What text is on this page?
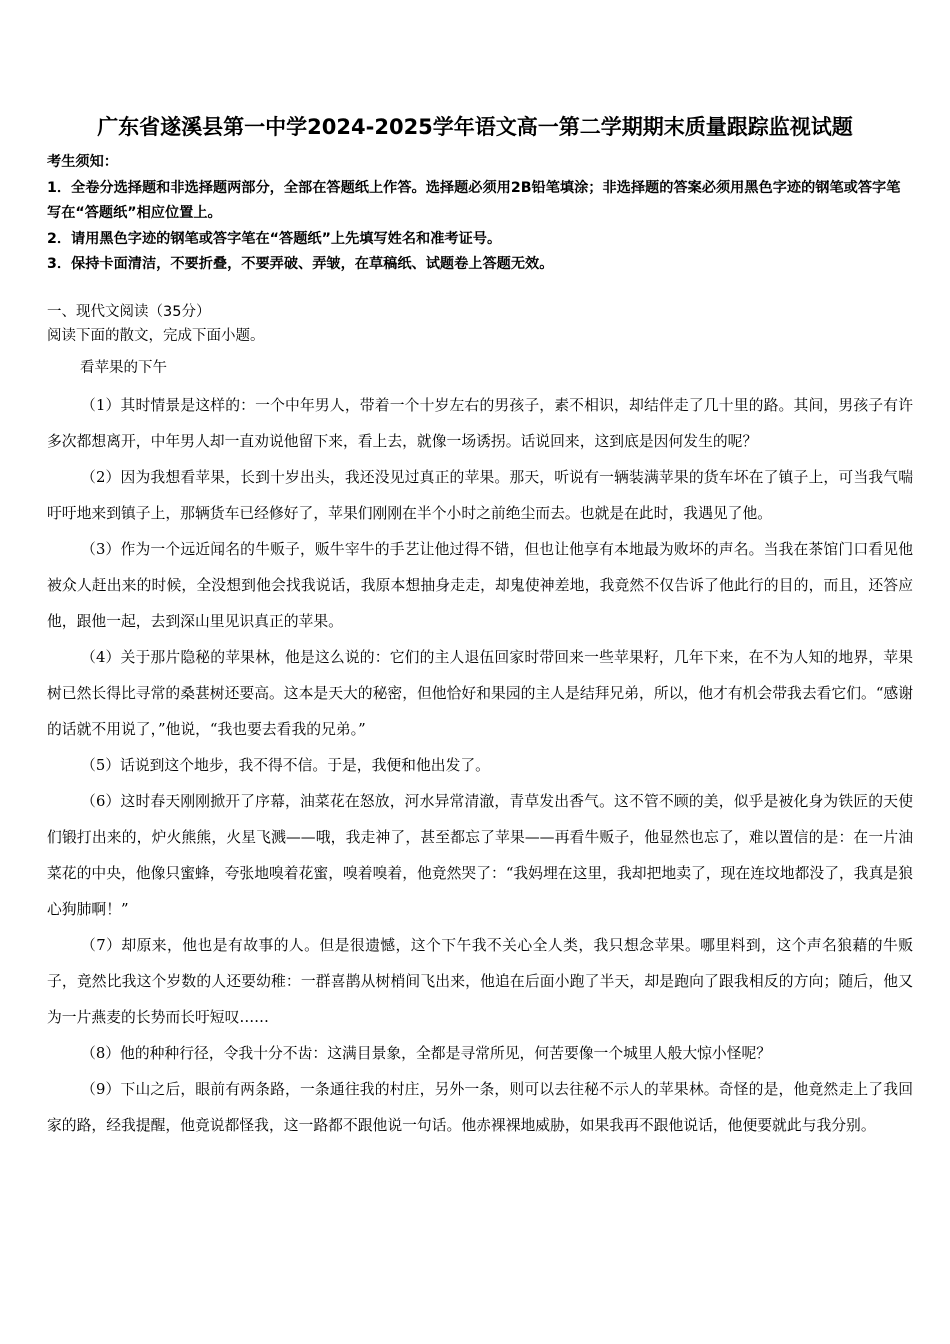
广东省遂溪县第一中学2024-2025学年语文高一第二学期期末质量跟踪监视试题
考生须知：
1．全卷分选择题和非选择题两部分，全部在答题纸上作答。选择题必须用2B铅笔填涂；非选择题的答案必须用黑色字迹的钢笔或答字笔写在“答题纸”相应位置上。
2．请用黑色字迹的钢笔或答字笔在“答题纸”上先填写姓名和准考证号。
3．保持卡面清洁，不要折叠，不要弄破、弄皱，在草稿纸、试题卷上答题无效。
一、现代文阅读（35分）
阅读下面的散文，完成下面小题。
看苹果的下午

（1）其时情景是这样的：一个中年男人，带着一个十岁左右的男孩子，素不相识，却结伴走了几十里的路。其间，男孩子有许多次都想离开，中年男人却一直劝说他留下来，看上去，就像一场诱拐。话说回来，这到底是因何发生的呢？

（2）因为我想看苹果，长到十岁出头，我还没见过真正的苹果。那天，听说有一辆装满苹果的货车坏在了镇子上，可当我气喘吁吁地来到镇子上，那辆货车已经修好了，苹果们刚刚在半个小时之前绝尘而去。也就是在此时，我遇见了他。

（3）作为一个远近闻名的牛贩子，贩牛宰牛的手艺让他过得不错，但也让他享有本地最为败坏的声名。当我在茶馆门口看见他被众人赶出来的时候，全没想到他会找我说话，我原本想抽身走走，却鬼使神差地，我竟然不仅告诉了他此行的目的，而且，还答应他，跟他一起，去到深山里见识真正的苹果。

（4）关于那片隐秘的苹果林，他是这么说的：它们的主人退伍回家时带回来一些苹果籽，几年下来，在不为人知的地界，苹果树已然长得比寻常的桑葚树还要高。这本是天大的秘密，但他恰好和果园的主人是结拜兄弟，所以，他才有机会带我去看它们。“感谢的话就不用说了，”他说，“我也要去看我的兄弟。”

（5）话说到这个地步，我不得不信。于是，我便和他出发了。

（6）这时春天刚刚掀开了序幕，油菜花在怒放，河水异常清澈，青草发出香气。这不管不顾的美，似乎是被化身为铁匠的天使们锻打出来的，炉火熊熊，火星飞溅——哦，我走神了，甚至都忘了苹果——再看牛贩子，他显然也忘了，难以置信的是：在一片油菜花的中央，他像只蜜蜂，夸张地嗅着花蜜，嗅着嗅着，他竟然哭了：“我妈埋在这里，我却把地卖了，现在连坟地都没了，我真是狼心狗肺啊！”

（7）却原来，他也是有故事的人。但是很遗憾，这个下午我不关心全人类，我只想念苹果。哪里料到，这个声名狼藉的牛贩子，竟然比我这个岁数的人还要幼稚：一群喜鹊从树梢间飞出来，他追在后面小跑了半天，却是跑向了跟我相反的方向；随后，他又为一片燕麦的长势而长吁短叹……

（8）他的种种行径，令我十分不齿：这满目景象，全都是寻常所见，何苦要像一个城里人般大惊小怪呢？

（9）下山之后，眼前有两条路，一条通往我的村庄，另外一条，则可以去往秘不示人的苹果林。奇怪的是，他竟然走上了我回家的路，经我提醒，他竟说都怪我，这一路都不跟他说一句话。他赤裸裸地威胁，如果我再不跟他说话，他便要就此与我分别。
